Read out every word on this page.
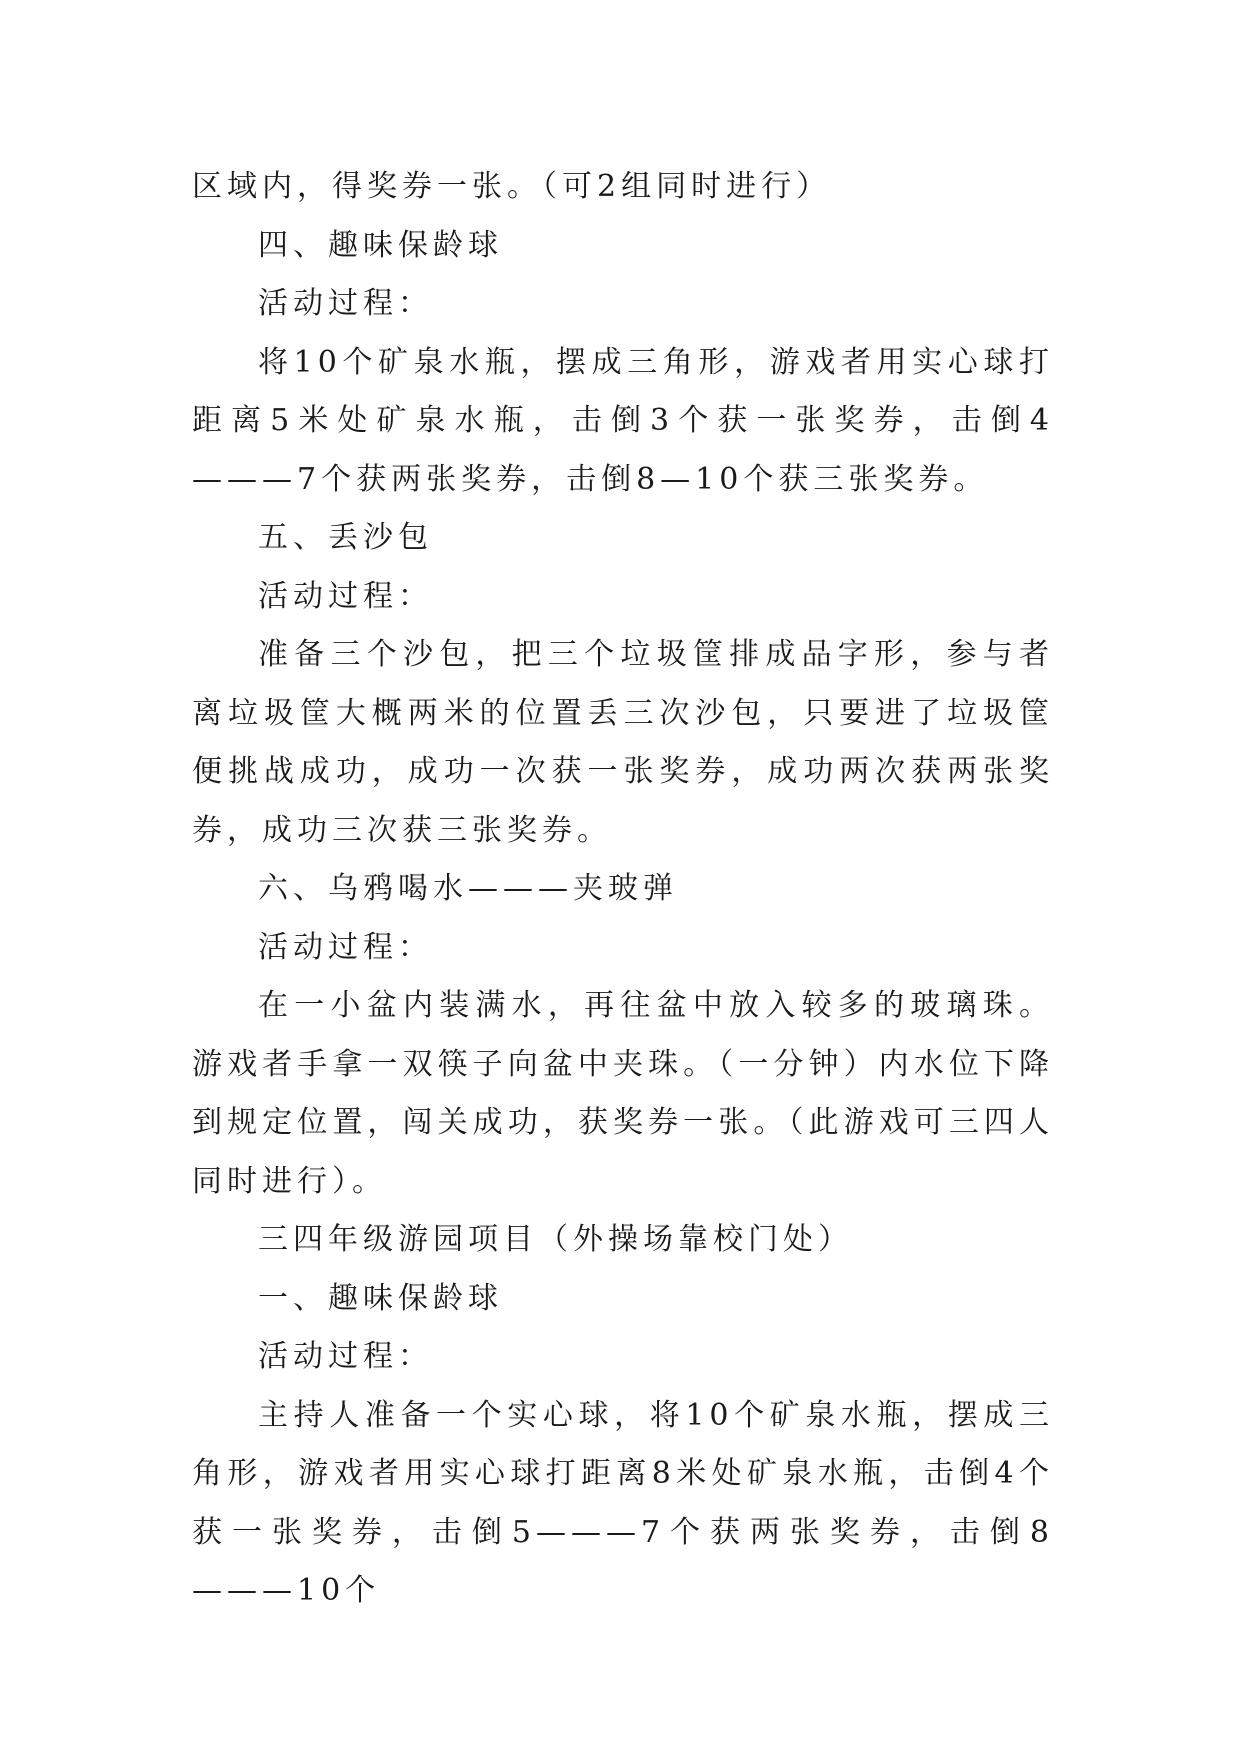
区域内，得奖券一张。（可2组同时进行）

四、趣味保龄球

活动过程：

将10个矿泉水瓶，摆成三角形，游戏者用实心球打距离5米处矿泉水瓶，击倒3个获一张奖券，击倒4———7个获两张奖券，击倒8—10个获三张奖券。

五、丢沙包

活动过程：

准备三个沙包，把三个垃圾筐排成品字形，参与者离垃圾筐大概两米的位置丢三次沙包，只要进了垃圾筐便挑战成功，成功一次获一张奖券，成功两次获两张奖券，成功三次获三张奖券。

六、乌鸦喝水———夹玻弹

活动过程：

在一小盆内装满水，再往盆中放入较多的玻璃珠。游戏者手拿一双筷子向盆中夹珠。（一分钟）内水位下降到规定位置，闯关成功，获奖券一张。（此游戏可三四人同时进行）。

三四年级游园项目（外操场靠校门处）

一、趣味保龄球

活动过程：

主持人准备一个实心球，将10个矿泉水瓶，摆成三角形，游戏者用实心球打距离8米处矿泉水瓶，击倒4个获一张奖券，击倒5———7个获两张奖券，击倒8———10个
